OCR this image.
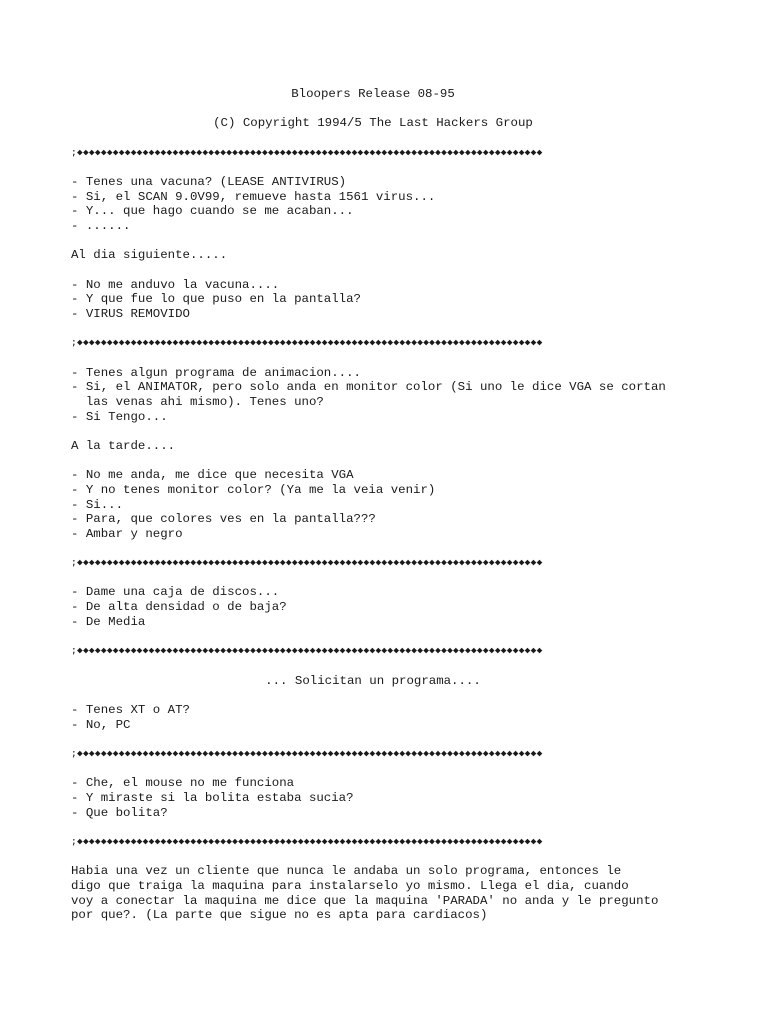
Bloopers Release 08-95
(C) Copyright 1994/5 The Last Hackers Group
;◆◆◆◆◆◆◆◆◆◆◆◆◆◆◆◆◆◆◆◆◆◆◆◆◆◆◆◆◆◆◆◆◆◆◆◆◆◆◆◆◆◆◆◆◆◆◆◆◆◆◆◆◆◆◆◆◆◆◆◆◆◆◆◆◆◆◆◆◆◆◆◆◆◆◆◆◆◆
- Tenes una vacuna? (LEASE ANTIVIRUS)
- Si, el SCAN 9.0V99, remueve hasta 1561 virus...
- Y... que hago cuando se me acaban...
- ......
Al dia siguiente.....
- No me anduvo la vacuna....
- Y que fue lo que puso en la pantalla?
- VIRUS REMOVIDO
;◆◆◆◆◆◆◆◆◆◆◆◆◆◆◆◆◆◆◆◆◆◆◆◆◆◆◆◆◆◆◆◆◆◆◆◆◆◆◆◆◆◆◆◆◆◆◆◆◆◆◆◆◆◆◆◆◆◆◆◆◆◆◆◆◆◆◆◆◆◆◆◆◆◆◆◆◆◆
- Tenes algun programa de animacion....
- Si, el ANIMATOR, pero solo anda en monitor color (Si uno le dice VGA se cortan
las venas ahi mismo). Tenes uno?
- Si Tengo...
A la tarde....
- No me anda, me dice que necesita VGA
- Y no tenes monitor color? (Ya me la veia venir)
- Si...
- Para, que colores ves en la pantalla???
- Ambar y negro
;◆◆◆◆◆◆◆◆◆◆◆◆◆◆◆◆◆◆◆◆◆◆◆◆◆◆◆◆◆◆◆◆◆◆◆◆◆◆◆◆◆◆◆◆◆◆◆◆◆◆◆◆◆◆◆◆◆◆◆◆◆◆◆◆◆◆◆◆◆◆◆◆◆◆◆◆◆◆
- Dame una caja de discos...
- De alta densidad o de baja?
- De Media
;◆◆◆◆◆◆◆◆◆◆◆◆◆◆◆◆◆◆◆◆◆◆◆◆◆◆◆◆◆◆◆◆◆◆◆◆◆◆◆◆◆◆◆◆◆◆◆◆◆◆◆◆◆◆◆◆◆◆◆◆◆◆◆◆◆◆◆◆◆◆◆◆◆◆◆◆◆◆
... Solicitan un programa....
- Tenes XT o AT?
- No, PC
;◆◆◆◆◆◆◆◆◆◆◆◆◆◆◆◆◆◆◆◆◆◆◆◆◆◆◆◆◆◆◆◆◆◆◆◆◆◆◆◆◆◆◆◆◆◆◆◆◆◆◆◆◆◆◆◆◆◆◆◆◆◆◆◆◆◆◆◆◆◆◆◆◆◆◆◆◆◆
- Che, el mouse no me funciona
- Y miraste si la bolita estaba sucia?
- Que bolita?
;◆◆◆◆◆◆◆◆◆◆◆◆◆◆◆◆◆◆◆◆◆◆◆◆◆◆◆◆◆◆◆◆◆◆◆◆◆◆◆◆◆◆◆◆◆◆◆◆◆◆◆◆◆◆◆◆◆◆◆◆◆◆◆◆◆◆◆◆◆◆◆◆◆◆◆◆◆◆
Habia una vez un cliente que nunca le andaba un solo programa, entonces le
digo que traiga la maquina para instalarselo yo mismo. Llega el dia, cuando
voy a conectar la maquina me dice que la maquina 'PARADA' no anda y le pregunto
por que?. (La parte que sigue no es apta para cardiacos)
